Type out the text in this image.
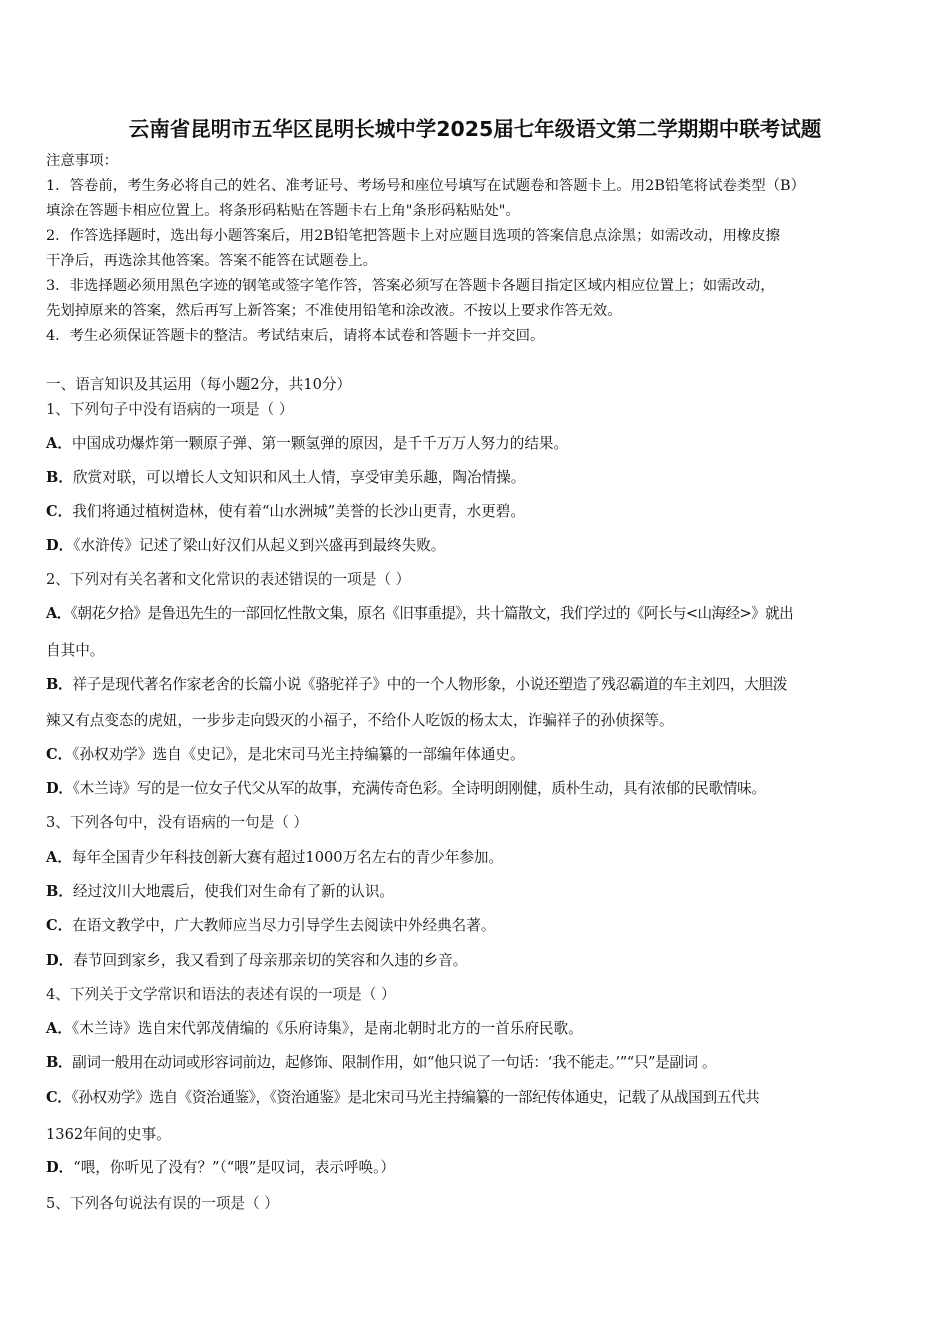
云南省昆明市五华区昆明长城中学2025届七年级语文第二学期期中联考试题
注意事项：
1．答卷前，考生务必将自己的姓名、准考证号、考场号和座位号填写在试题卷和答题卡上。用2B铅笔将试卷类型（B）
填涂在答题卡相应位置上。将条形码粘贴在答题卡右上角"条形码粘贴处"。
2．作答选择题时，选出每小题答案后，用2B铅笔把答题卡上对应题目选项的答案信息点涂黑；如需改动，用橡皮擦
干净后，再选涂其他答案。答案不能答在试题卷上。
3．非选择题必须用黑色字迹的钢笔或签字笔作答，答案必须写在答题卡各题目指定区域内相应位置上；如需改动，
先划掉原来的答案，然后再写上新答案；不准使用铅笔和涂改液。不按以上要求作答无效。
4．考生必须保证答题卡的整洁。考试结束后，请将本试卷和答题卡一并交回。
一、语言知识及其运用（每小题2分，共10分）
1、下列句子中没有语病的一项是（ ）
A．中国成功爆炸第一颗原子弹、第一颗氢弹的原因，是千千万万人努力的结果。
B．欣赏对联，可以增长人文知识和风土人情，享受审美乐趣，陶冶情操。
C．我们将通过植树造林，使有着“山水洲城”美誉的长沙山更青，水更碧。
D．《水浒传》记述了梁山好汉们从起义到兴盛再到最终失败。
2、下列对有关名著和文化常识的表述错误的一项是（ ）
A．《朝花夕拾》是鲁迅先生的一部回忆性散文集，原名《旧事重提》，共十篇散文，我们学过的《阿长与<山海经>》就出
自其中。
B．祥子是现代著名作家老舍的长篇小说《骆驼祥子》中的一个人物形象，小说还塑造了残忍霸道的车主刘四，大胆泼
辣又有点变态的虎妞，一步步走向毁灭的小福子，不给仆人吃饭的杨太太，诈骗祥子的孙侦探等。
C．《孙权劝学》选自《史记》，是北宋司马光主持编纂的一部编年体通史。
D．《木兰诗》写的是一位女子代父从军的故事，充满传奇色彩。全诗明朗刚健，质朴生动，具有浓郁的民歌情味。
3、下列各句中，没有语病的一句是（ ）
A．每年全国青少年科技创新大赛有超过1000万名左右的青少年参加。
B．经过汶川大地震后，使我们对生命有了新的认识。
C．在语文教学中，广大教师应当尽力引导学生去阅读中外经典名著。
D．春节回到家乡，我又看到了母亲那亲切的笑容和久违的乡音。
4、下列关于文学常识和语法的表述有误的一项是（ ）
A．《木兰诗》选自宋代郭茂倩编的《乐府诗集》，是南北朝时北方的一首乐府民歌。
B．副词一般用在动词或形容词前边，起修饰、限制作用，如“他只说了一句话：‘我不能走。’”“只”是副词 。
C．《孙权劝学》选自《资治通鉴》，《资治通鉴》是北宋司马光主持编纂的一部纪传体通史，记载了从战国到五代共
1362年间的史事。
D．“喂，你听见了没有？”（“喂”是叹词，表示呼唤。）
5、下列各句说法有误的一项是（ ）
